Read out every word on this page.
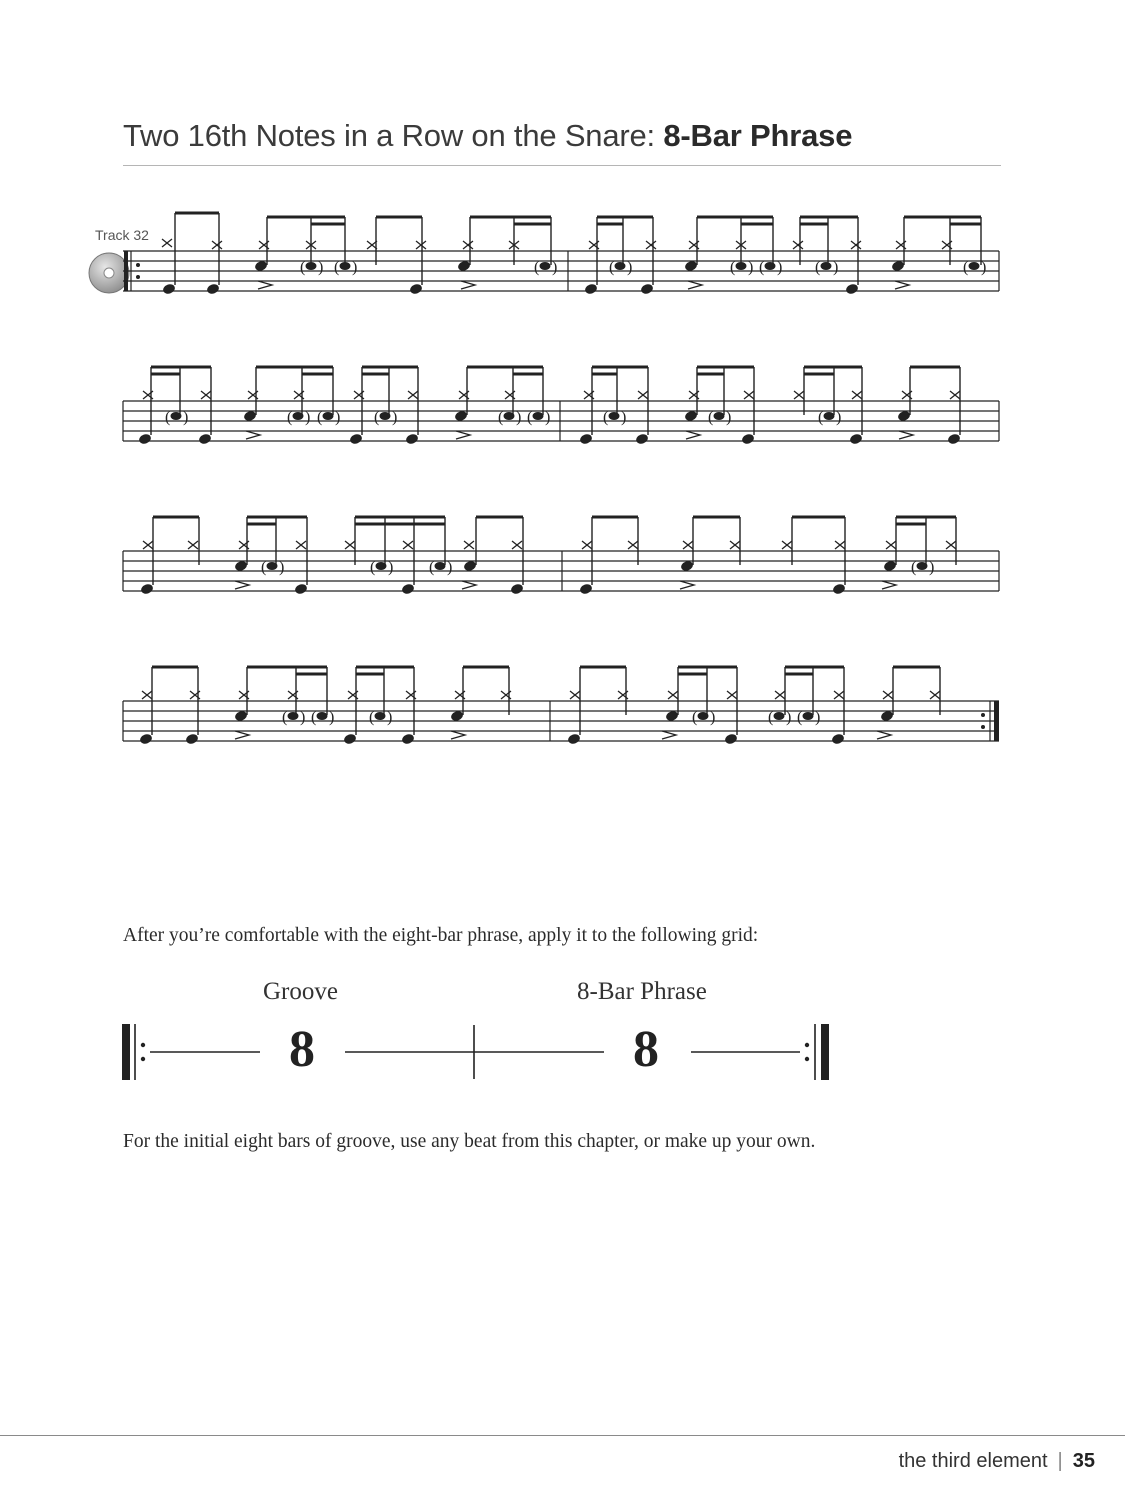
Two 16th Notes in a Row on the Snare: 8-Bar Phrase
Track 32
( ) ( )	( )	( )	( ) ( ) ( )	( )
( )	( ) ( ) ( )	( ) ( )	( )	( )	( )
( )	( ) ( )	( )
( ) ( ) ( )	( )	( ) ( )

After you’re comfortable with the eight-bar phrase, apply it to the following grid:

Groove	8-Bar Phrase
8	8

For the initial eight bars of groove, use any beat from this chapter, or make up your own.

the third element | 35
